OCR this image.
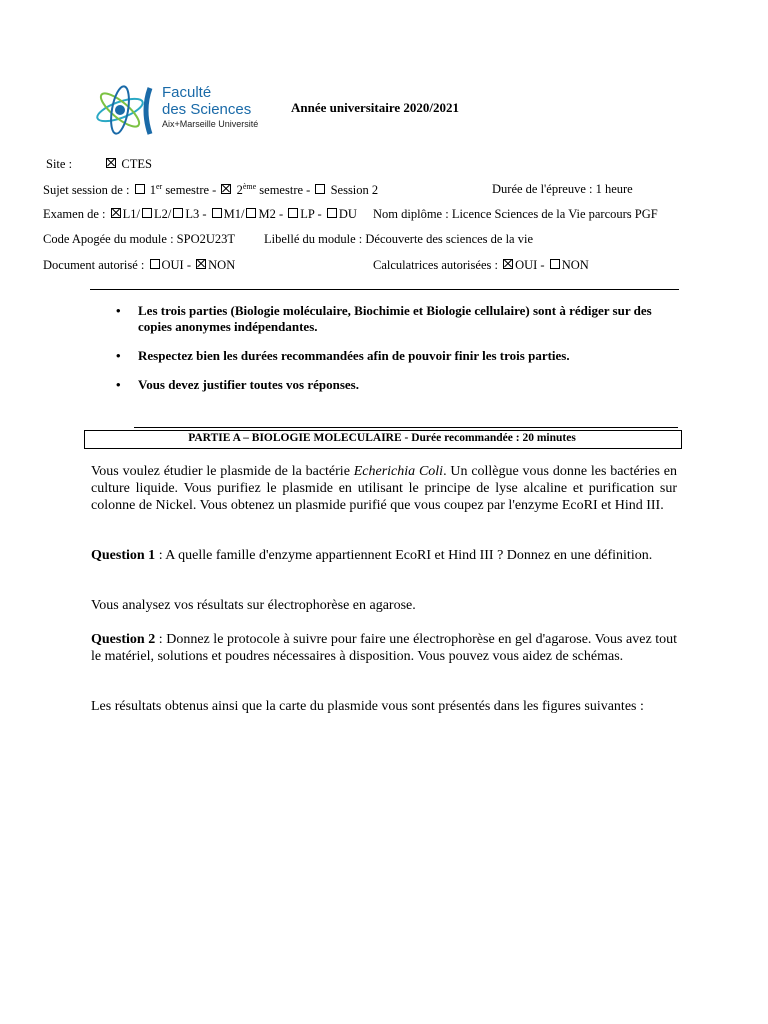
Faculté
des Sciences
Aix+Marseille Université
Année universitaire 2020/2021
Site :	CTES
Sujet session de : 1er semestre - 2ème semestre - Session 2	Durée de l'épreuve : 1 heure
Examen de : L1/ L2/ L3 - M1/ M2 - LP - DU Nom diplôme : Licence Sciences de la Vie parcours PGF
Code Apogée du module : SPO2U23T Libellé du module : Découverte des sciences de la vie
Document autorisé : OUI - NON	Calculatrices autorisées : OUI - NON
• Les trois parties (Biologie moléculaire, Biochimie et Biologie cellulaire) sont à rédiger sur des copies anonymes indépendantes.
• Respectez bien les durées recommandées afin de pouvoir finir les trois parties.
• Vous devez justifier toutes vos réponses.
PARTIE A – BIOLOGIE MOLECULAIRE - Durée recommandée : 20 minutes
Vous voulez étudier le plasmide de la bactérie Echerichia Coli. Un collègue vous donne les bactéries en culture liquide. Vous purifiez le plasmide en utilisant le principe de lyse alcaline et purification sur colonne de Nickel. Vous obtenez un plasmide purifié que vous coupez par l'enzyme EcoRI et Hind III.
Question 1 : A quelle famille d'enzyme appartiennent EcoRI et Hind III ? Donnez en une définition.
Vous analysez vos résultats sur électrophorèse en agarose.
Question 2 : Donnez le protocole à suivre pour faire une électrophorèse en gel d'agarose. Vous avez tout le matériel, solutions et poudres nécessaires à disposition. Vous pouvez vous aidez de schémas.
Les résultats obtenus ainsi que la carte du plasmide vous sont présentés dans les figures suivantes :
